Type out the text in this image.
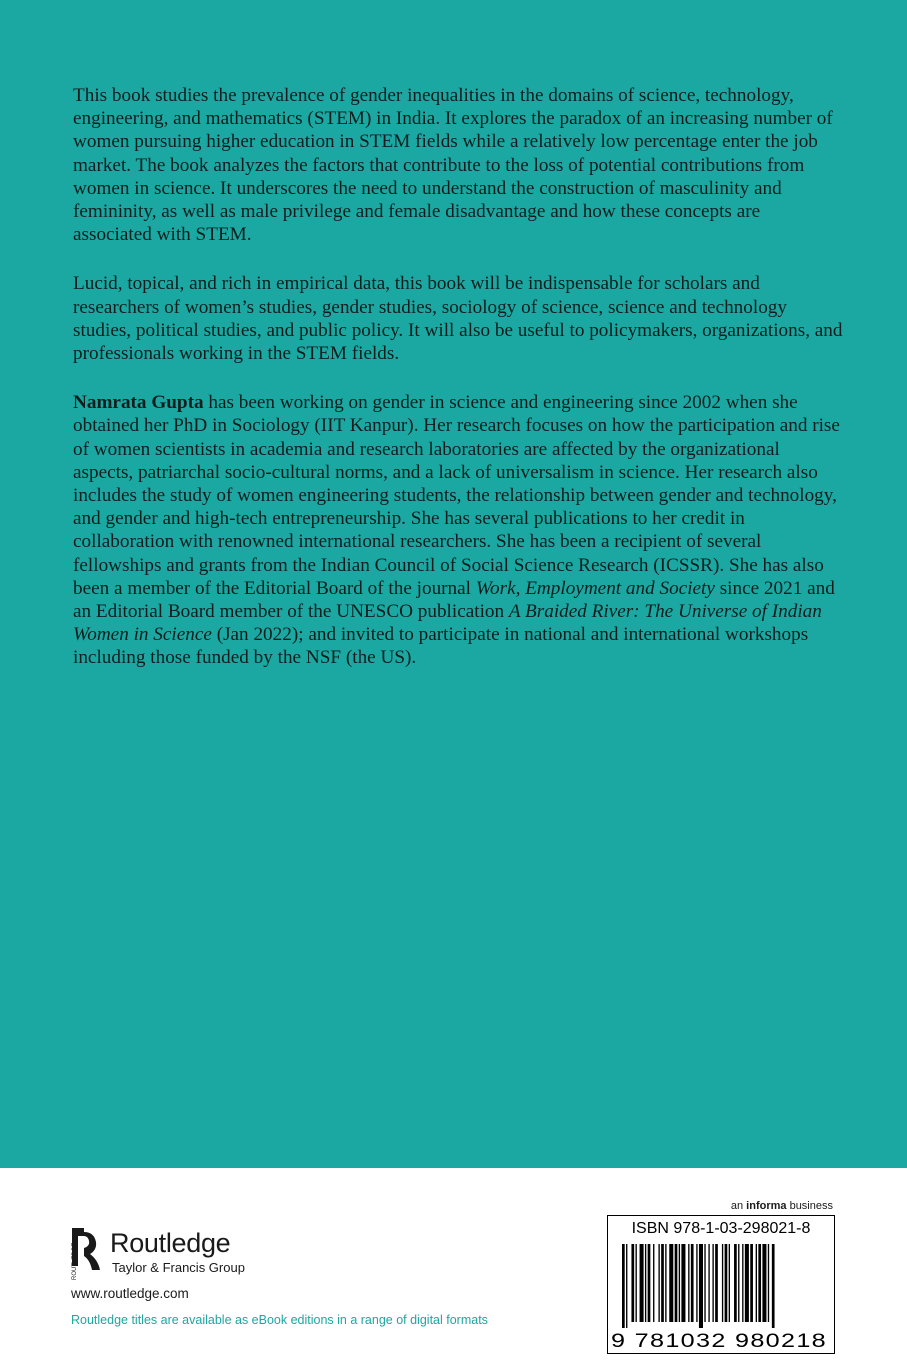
This book studies the prevalence of gender inequalities in the domains of science, technology, engineering, and mathematics (STEM) in India. It explores the paradox of an increasing number of women pursuing higher education in STEM fields while a relatively low percentage enter the job market. The book analyzes the factors that contribute to the loss of potential contributions from women in science. It underscores the need to understand the construction of masculinity and femininity, as well as male privilege and female disadvantage and how these concepts are associated with STEM.

Lucid, topical, and rich in empirical data, this book will be indispensable for scholars and researchers of women’s studies, gender studies, sociology of science, science and technology studies, political studies, and public policy. It will also be useful to policymakers, organizations, and professionals working in the STEM fields.

Namrata Gupta has been working on gender in science and engineering since 2002 when she obtained her PhD in Sociology (IIT Kanpur). Her research focuses on how the participation and rise of women scientists in academia and research laboratories are affected by the organizational aspects, patriarchal socio-cultural norms, and a lack of universalism in science. Her research also includes the study of women engineering students, the relationship between gender and technology, and gender and high-tech entrepreneurship. She has several publications to her credit in collaboration with renowned international researchers. She has been a recipient of several fellowships and grants from the Indian Council of Social Science Research (ICSSR). She has also been a member of the Editorial Board of the journal Work, Employment and Society since 2021 and an Editorial Board member of the UNESCO publication A Braided River: The Universe of Indian Women in Science (Jan 2022); and invited to participate in national and international workshops including those funded by the NSF (the US).

ROUTLEDGE Routledge
Taylor & Francis Group
www.routledge.com
Routledge titles are available as eBook editions in a range of digital formats
an informa business
ISBN 978-1-03-298021-8
9 781032 980218
